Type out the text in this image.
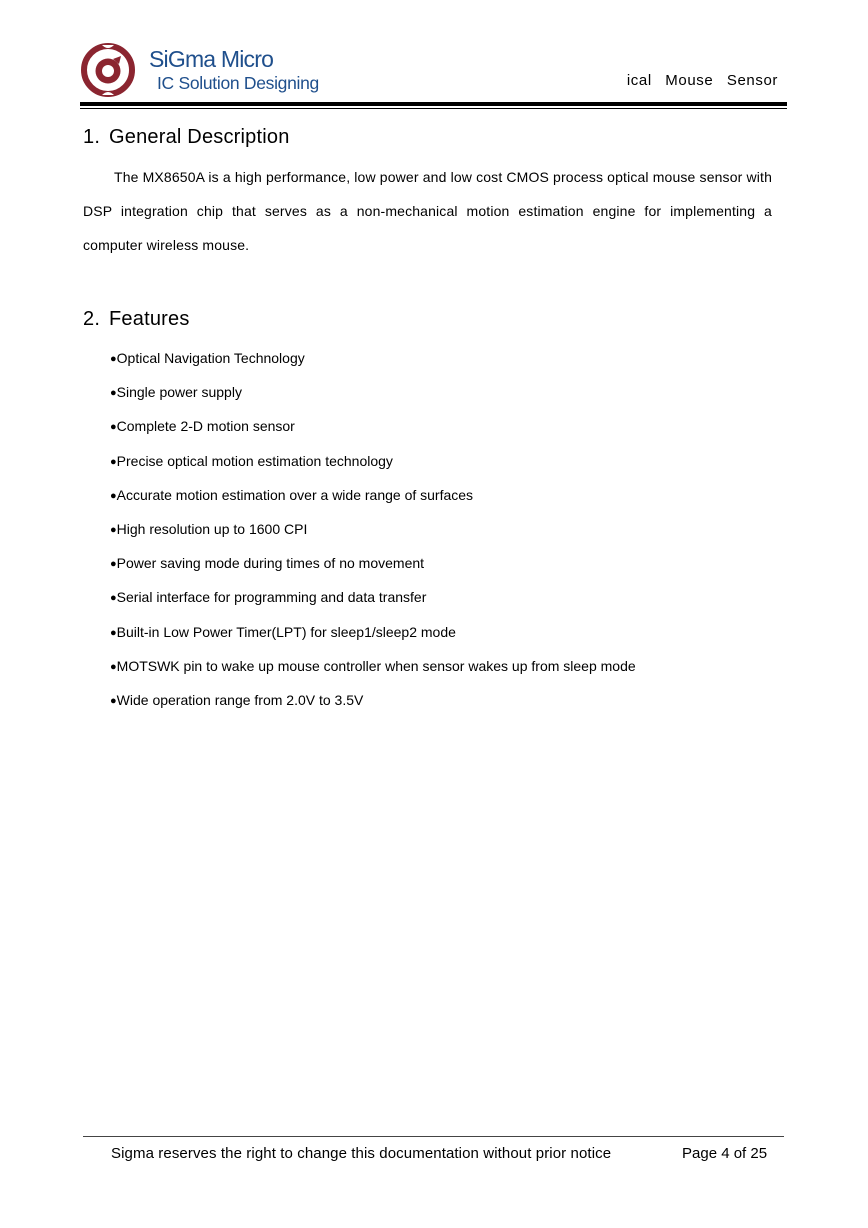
SiGma Micro
IC Solution Designing	ical  Mouse  Sensor
1. General Description
The MX8650A is a high performance, low power and low cost CMOS process optical mouse sensor with DSP integration chip that serves as a non-mechanical motion estimation engine for implementing a computer wireless mouse.
2. Features
●Optical Navigation Technology
●Single power supply
●Complete 2-D motion sensor
●Precise optical motion estimation technology
●Accurate motion estimation over a wide range of surfaces
●High resolution up to 1600 CPI
●Power saving mode during times of no movement
●Serial interface for programming and data transfer
●Built-in Low Power Timer(LPT) for sleep1/sleep2 mode
●MOTSWK pin to wake up mouse controller when sensor wakes up from sleep mode
●Wide operation range from 2.0V to 3.5V
Sigma reserves the right to change this documentation without prior notice	Page 4 of 25
